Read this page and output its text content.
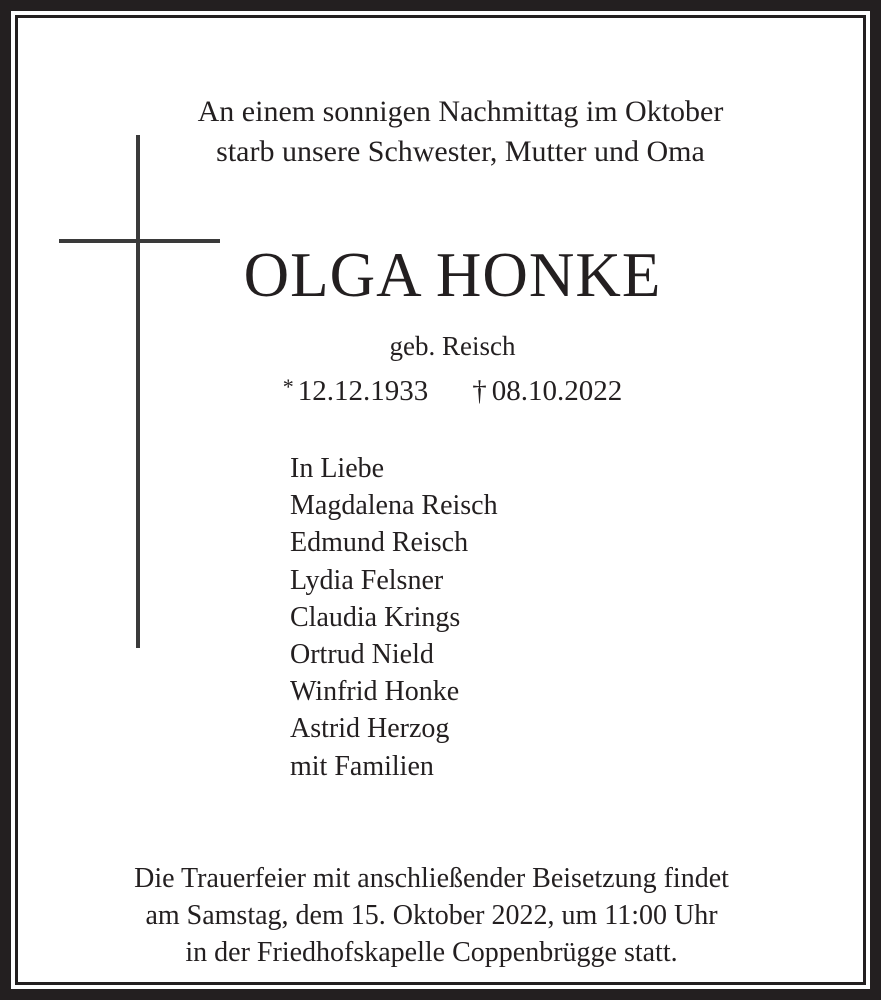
An einem sonnigen Nachmittag im Oktober
starb unsere Schwester, Mutter und Oma
OLGA HONKE
geb. Reisch
* 12.12.1933 † 08.10.2022
In Liebe
Magdalena Reisch
Edmund Reisch
Lydia Felsner
Claudia Krings
Ortrud Nield
Winfrid Honke
Astrid Herzog
mit Familien
Die Trauerfeier mit anschließender Beisetzung findet
am Samstag, dem 15. Oktober 2022, um 11:00 Uhr
in der Friedhofskapelle Coppenbrügge statt.
